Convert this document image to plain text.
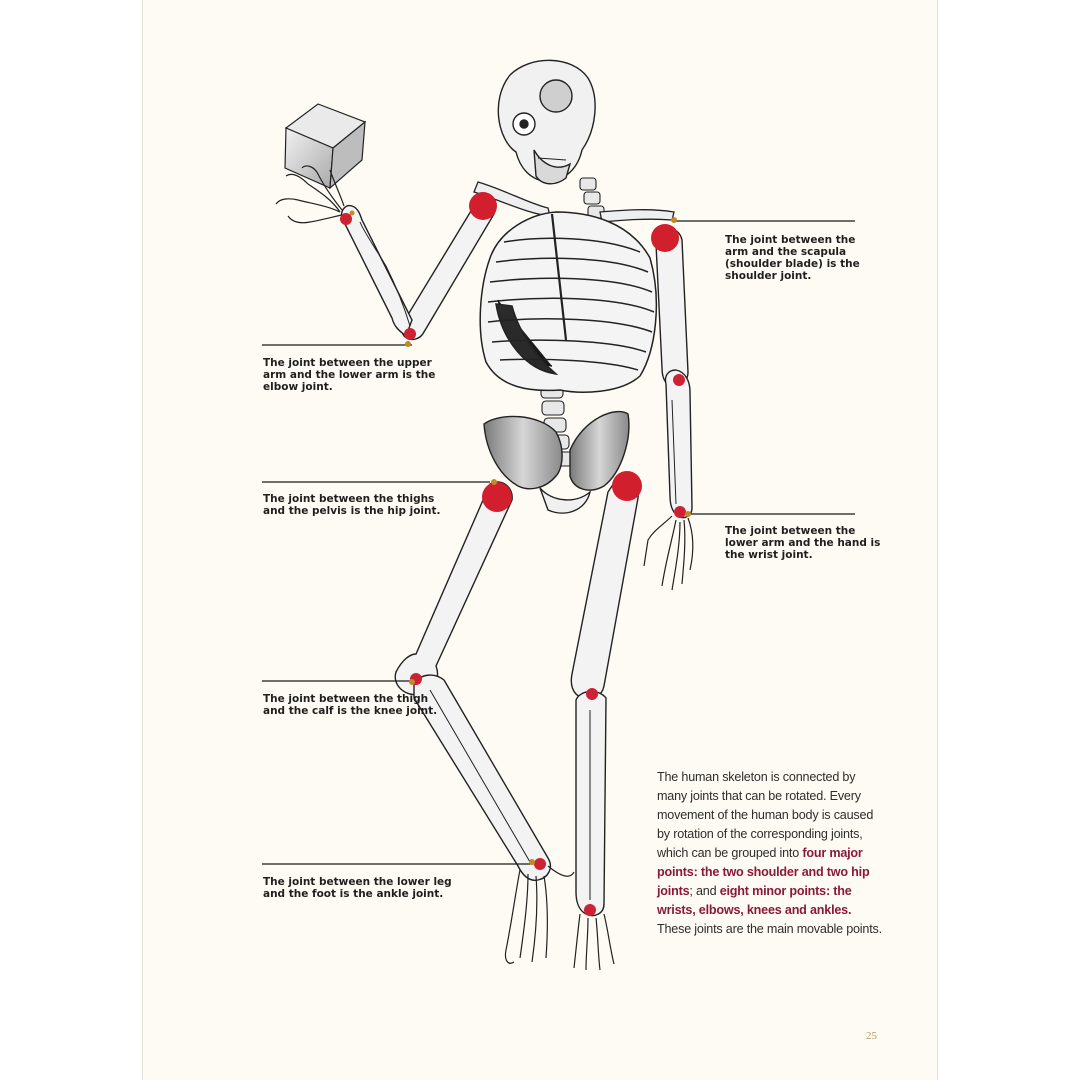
The joint between the
arm and the scapula
(shoulder blade) is the
shoulder joint.
The joint between the upper
arm and the lower arm is the
elbow joint.
The joint between the thighs
and the pelvis is the hip joint.
The joint between the
lower arm and the hand is
the wrist joint.
The joint between the thigh
and the calf is the knee joint.
The joint between the lower leg
and the foot is the ankle joint.
The human skeleton is connected by many joints that can be rotated. Every movement of the human body is caused by rotation of the corresponding joints, which can be grouped into four major points: the two shoulder and two hip joints; and eight minor points: the wrists, elbows, knees and ankles. These joints are the main movable points.
25
